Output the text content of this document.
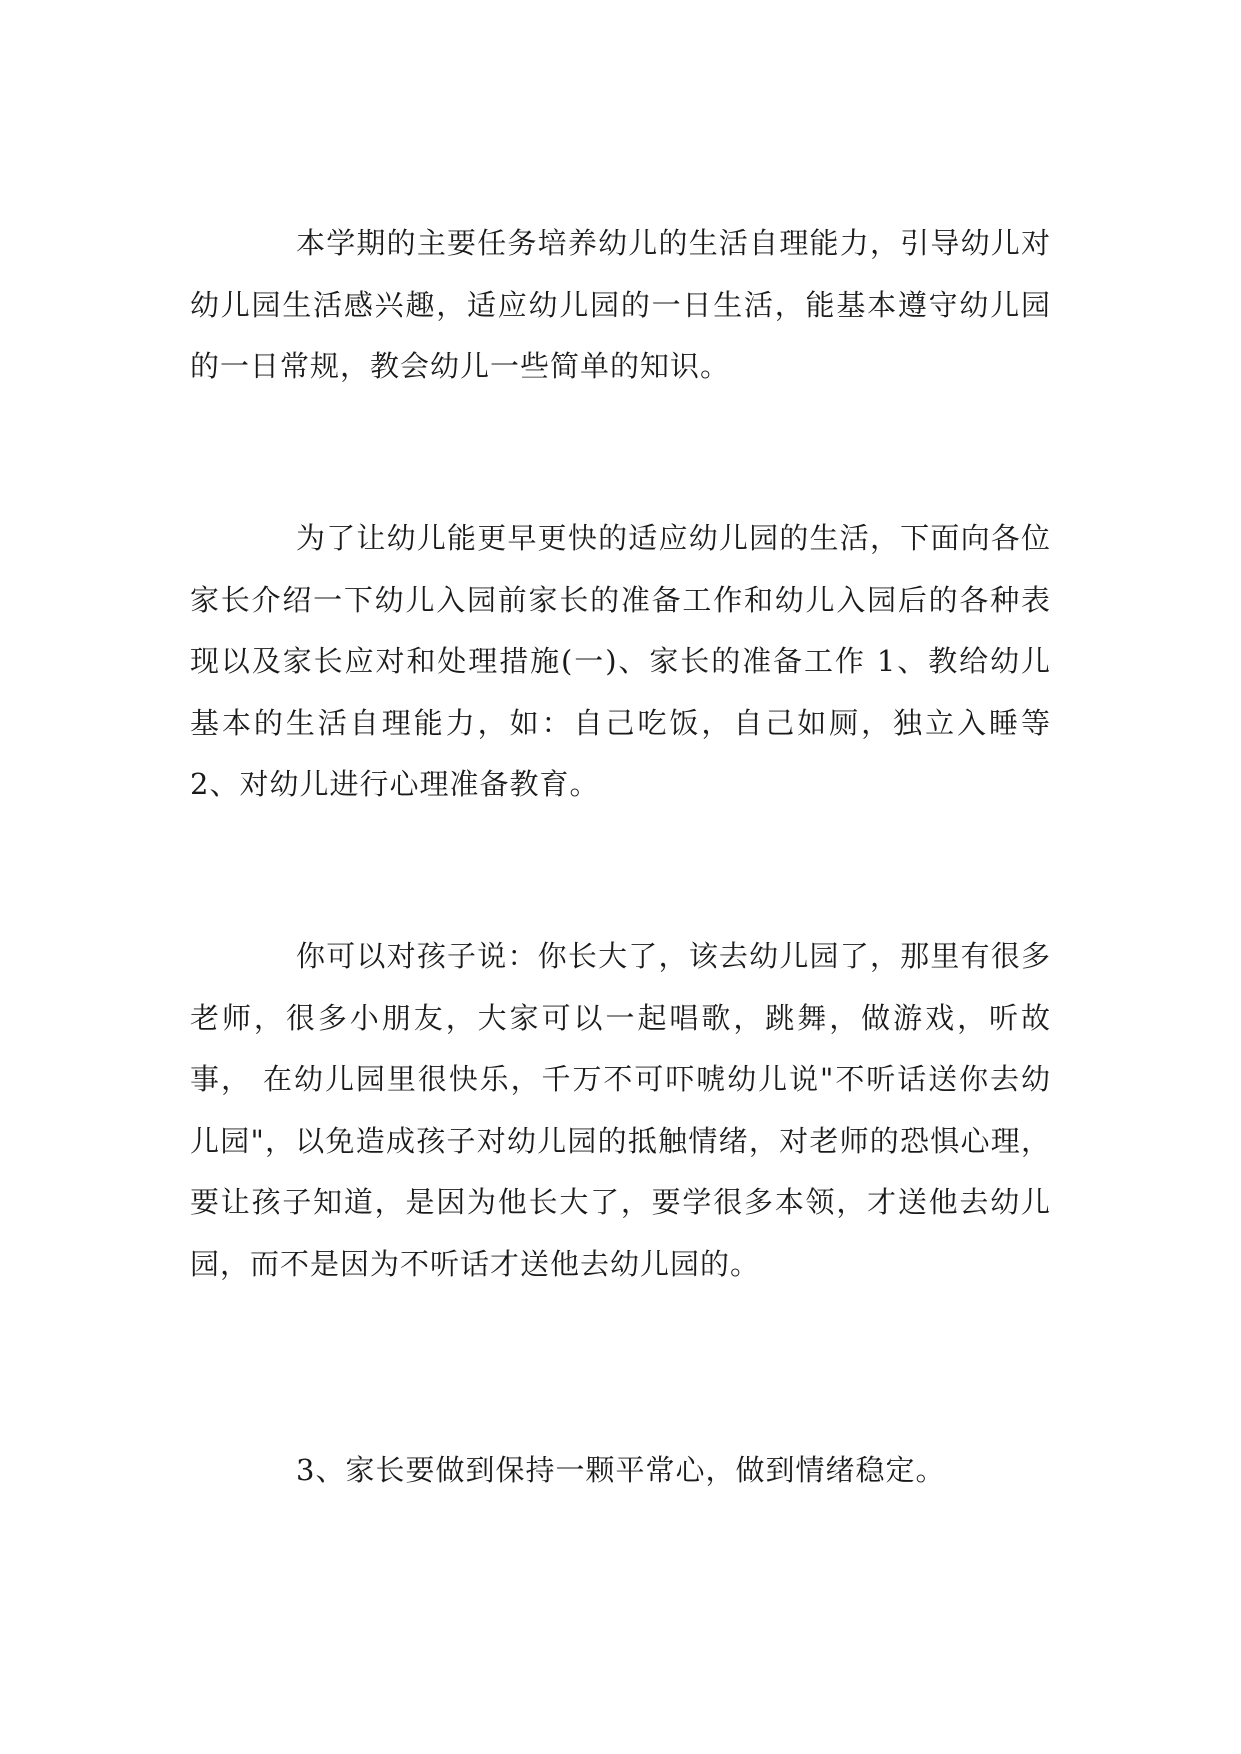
本学期的主要任务培养幼儿的生活自理能力，引导幼儿对幼儿园生活感兴趣，适应幼儿园的一日生活，能基本遵守幼儿园的一日常规，教会幼儿一些简单的知识。

为了让幼儿能更早更快的适应幼儿园的生活，下面向各位家长介绍一下幼儿入园前家长的准备工作和幼儿入园后的各种表现以及家长应对和处理措施(一)、家长的准备工作 1、教给幼儿基本的生活自理能力，如：自己吃饭，自己如厕，独立入睡等 2、对幼儿进行心理准备教育。

你可以对孩子说：你长大了，该去幼儿园了，那里有很多老师，很多小朋友，大家可以一起唱歌，跳舞，做游戏，听故事， 在幼儿园里很快乐，千万不可吓唬幼儿说"不听话送你去幼儿园"，以免造成孩子对幼儿园的抵触情绪，对老师的恐惧心理，要让孩子知道，是因为他长大了，要学很多本领，才送他去幼儿园，而不是因为不听话才送他去幼儿园的。

3、家长要做到保持一颗平常心，做到情绪稳定。
